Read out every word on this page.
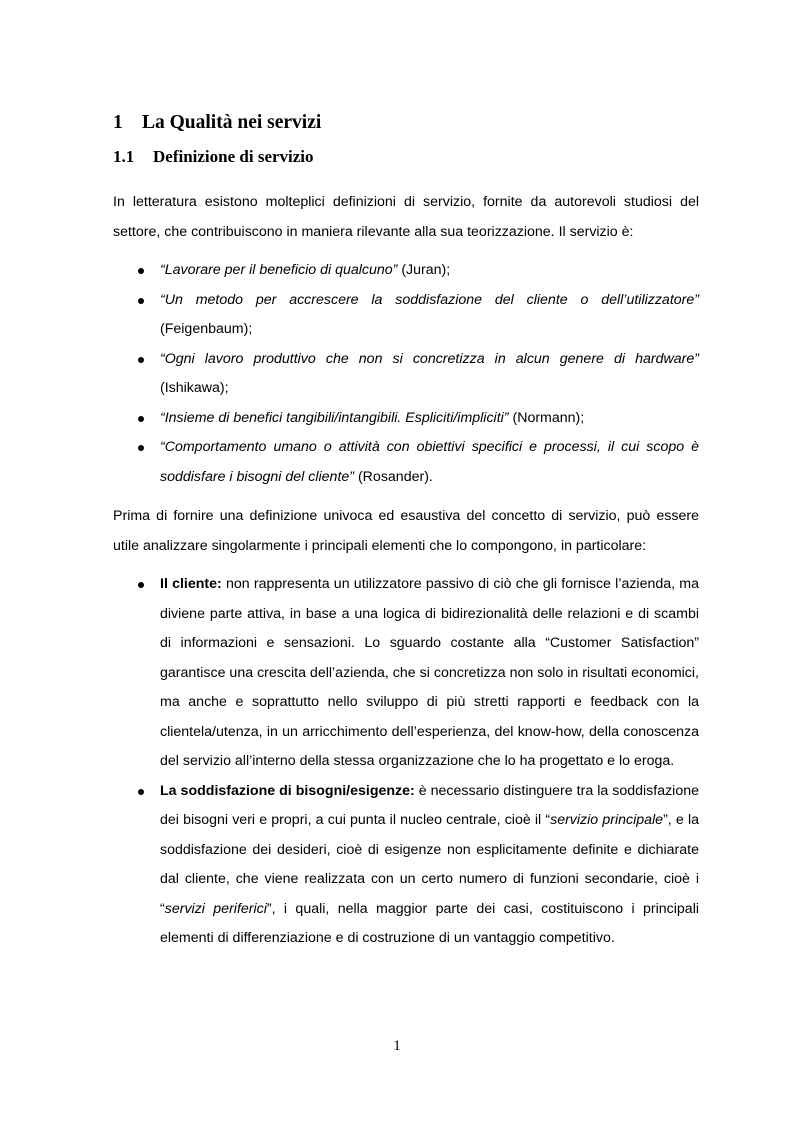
1 La Qualità nei servizi
1.1 Definizione di servizio

In letteratura esistono molteplici definizioni di servizio, fornite da autorevoli studiosi del settore, che contribuiscono in maniera rilevante alla sua teorizzazione. Il servizio è:

“Lavorare per il beneficio di qualcuno” (Juran);
“Un metodo per accrescere la soddisfazione del cliente o dell’utilizzatore” (Feigenbaum);
“Ogni lavoro produttivo che non si concretizza in alcun genere di hardware” (Ishikawa);
“Insieme di benefici tangibili/intangibili. Espliciti/impliciti” (Normann);
“Comportamento umano o attività con obiettivi specifici e processi, il cui scopo è soddisfare i bisogni del cliente” (Rosander).

Prima di fornire una definizione univoca ed esaustiva del concetto di servizio, può essere utile analizzare singolarmente i principali elementi che lo compongono, in particolare:

Il cliente: non rappresenta un utilizzatore passivo di ciò che gli fornisce l’azienda, ma diviene parte attiva, in base a una logica di bidirezionalità delle relazioni e di scambi di informazioni e sensazioni. Lo sguardo costante alla “Customer Satisfaction” garantisce una crescita dell’azienda, che si concretizza non solo in risultati economici, ma anche e soprattutto nello sviluppo di più stretti rapporti e feedback con la clientela/utenza, in un arricchimento dell’esperienza, del know-how, della conoscenza del servizio all’interno della stessa organizzazione che lo ha progettato e lo eroga.
La soddisfazione di bisogni/esigenze: è necessario distinguere tra la soddisfazione dei bisogni veri e propri, a cui punta il nucleo centrale, cioè il “servizio principale”, e la soddisfazione dei desideri, cioè di esigenze non esplicitamente definite e dichiarate dal cliente, che viene realizzata con un certo numero di funzioni secondarie, cioè i “servizi periferici”, i quali, nella maggior parte dei casi, costituiscono i principali elementi di differenziazione e di costruzione di un vantaggio competitivo.
1
